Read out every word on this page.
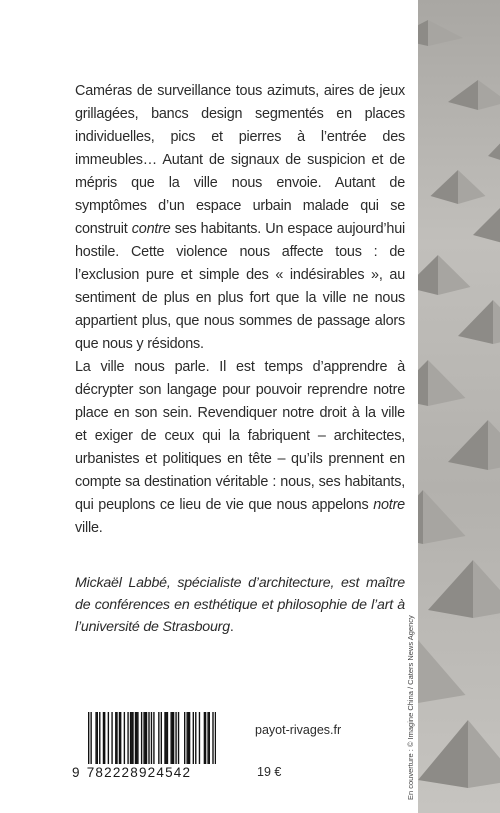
Caméras de surveillance tous azimuts, aires de jeux grillagées, bancs design segmentés en places individuelles, pics et pierres à l’entrée des immeubles… Autant de signaux de suspicion et de mépris que la ville nous envoie. Autant de symptômes d’un espace urbain malade qui se construit contre ses habitants. Un espace aujourd’hui hostile. Cette violence nous affecte tous : de l’exclusion pure et simple des « indésirables », au sentiment de plus en plus fort que la ville ne nous appartient plus, que nous sommes de passage alors que nous y résidons.

La ville nous parle. Il est temps d’apprendre à décrypter son langage pour pouvoir reprendre notre place en son sein. Revendiquer notre droit à la ville et exiger de ceux qui la fabriquent – architectes, urbanistes et politiques en tête – qu’ils prennent en compte sa destination véritable : nous, ses habitants, qui peuplons ce lieu de vie que nous appelons notre ville.

Mickaël Labbé, spécialiste d’architecture, est maître de conférences en esthétique et philosophie de l’art à l’université de Strasbourg.
9 782228924542
payot-rivages.fr
19 €	En couverture : © Imagine China / Caters News Agency
